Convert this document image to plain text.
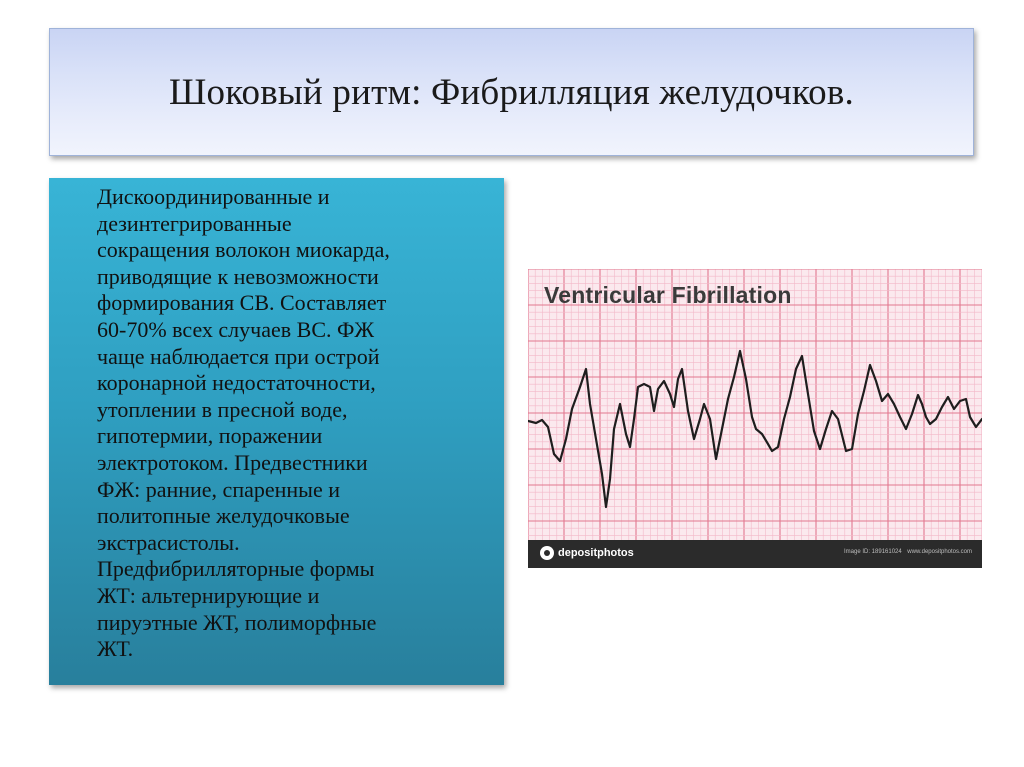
Шоковый ритм: Фибрилляция желудочков.

Дискоординированные и
дезинтегрированные
сокращения волокон миокарда,
приводящие к невозможности
формирования СВ. Составляет
60-70% всех случаев ВС. ФЖ
чаще наблюдается при острой
коронарной недостаточности,
утоплении в пресной воде,
гипотермии, поражении
электротоком. Предвестники
ФЖ: ранние, спаренные и
политопные желудочковые
экстрасистолы.
Предфибрилляторные формы
ЖТ: альтернирующие и
пируэтные ЖТ, полиморфные
ЖТ.

Ventricular Fibrillation
depositphotos	Image ID: 189161024 www.depositphotos.com
